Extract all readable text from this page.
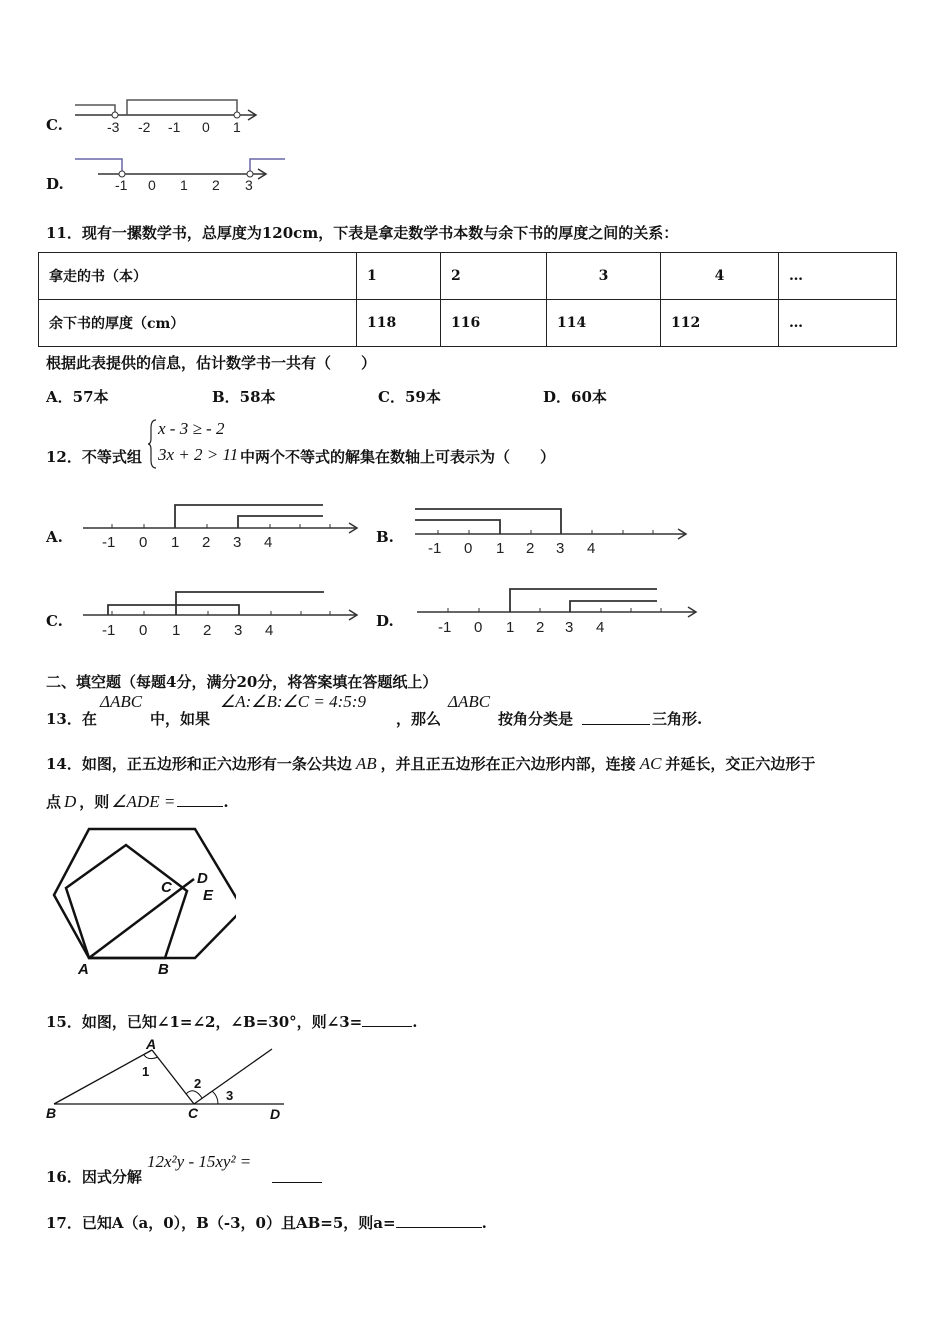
C.	-3 -2 -1 0 1
D.	-1 0 1 2 3
11．现有一摞数学书，总厚度为120cm，下表是拿走数学书本数与余下书的厚度之间的关系：
拿走的书（本）	1	2	3	4	…
余下书的厚度（cm）	118	116	114	112	…
根据此表提供的信息，估计数学书一共有（　　）
A．57本	B．58本	C．59本	D．60本
12．不等式组
x - 3 ≥ - 2
3x + 2 > 11 中两个不等式的解集在数轴上可表示为（　　）
A.	-1 0 1 2 3 4	B.
-1 0 1 2 3 4
C.
-1 0 1 2 3 4
D.	-1 0 1 2 3 4
二、填空题（每题4分，满分20分，将答案填在答题纸上）
13．在
ΔABC
中，如果
∠A:∠B:∠C = 4:5:9
，那么
ΔABC
按角分类是	三角形.
14．如图，正五边形和正六边形有一条公共边 AB ，并且正五边形在正六边形内部，连接 AC 并延长，交正六边形于
点 D ，则 ∠ADE =	.
A	B
C
D
E
15．如图，已知∠1=∠2，∠B=30°，则∠3=	.
A
B	C	D
1
2
3
16．因式分解
12x²y - 15xy² =
17．已知A（a，0），B（-3，0）且AB=5，则a=	.
